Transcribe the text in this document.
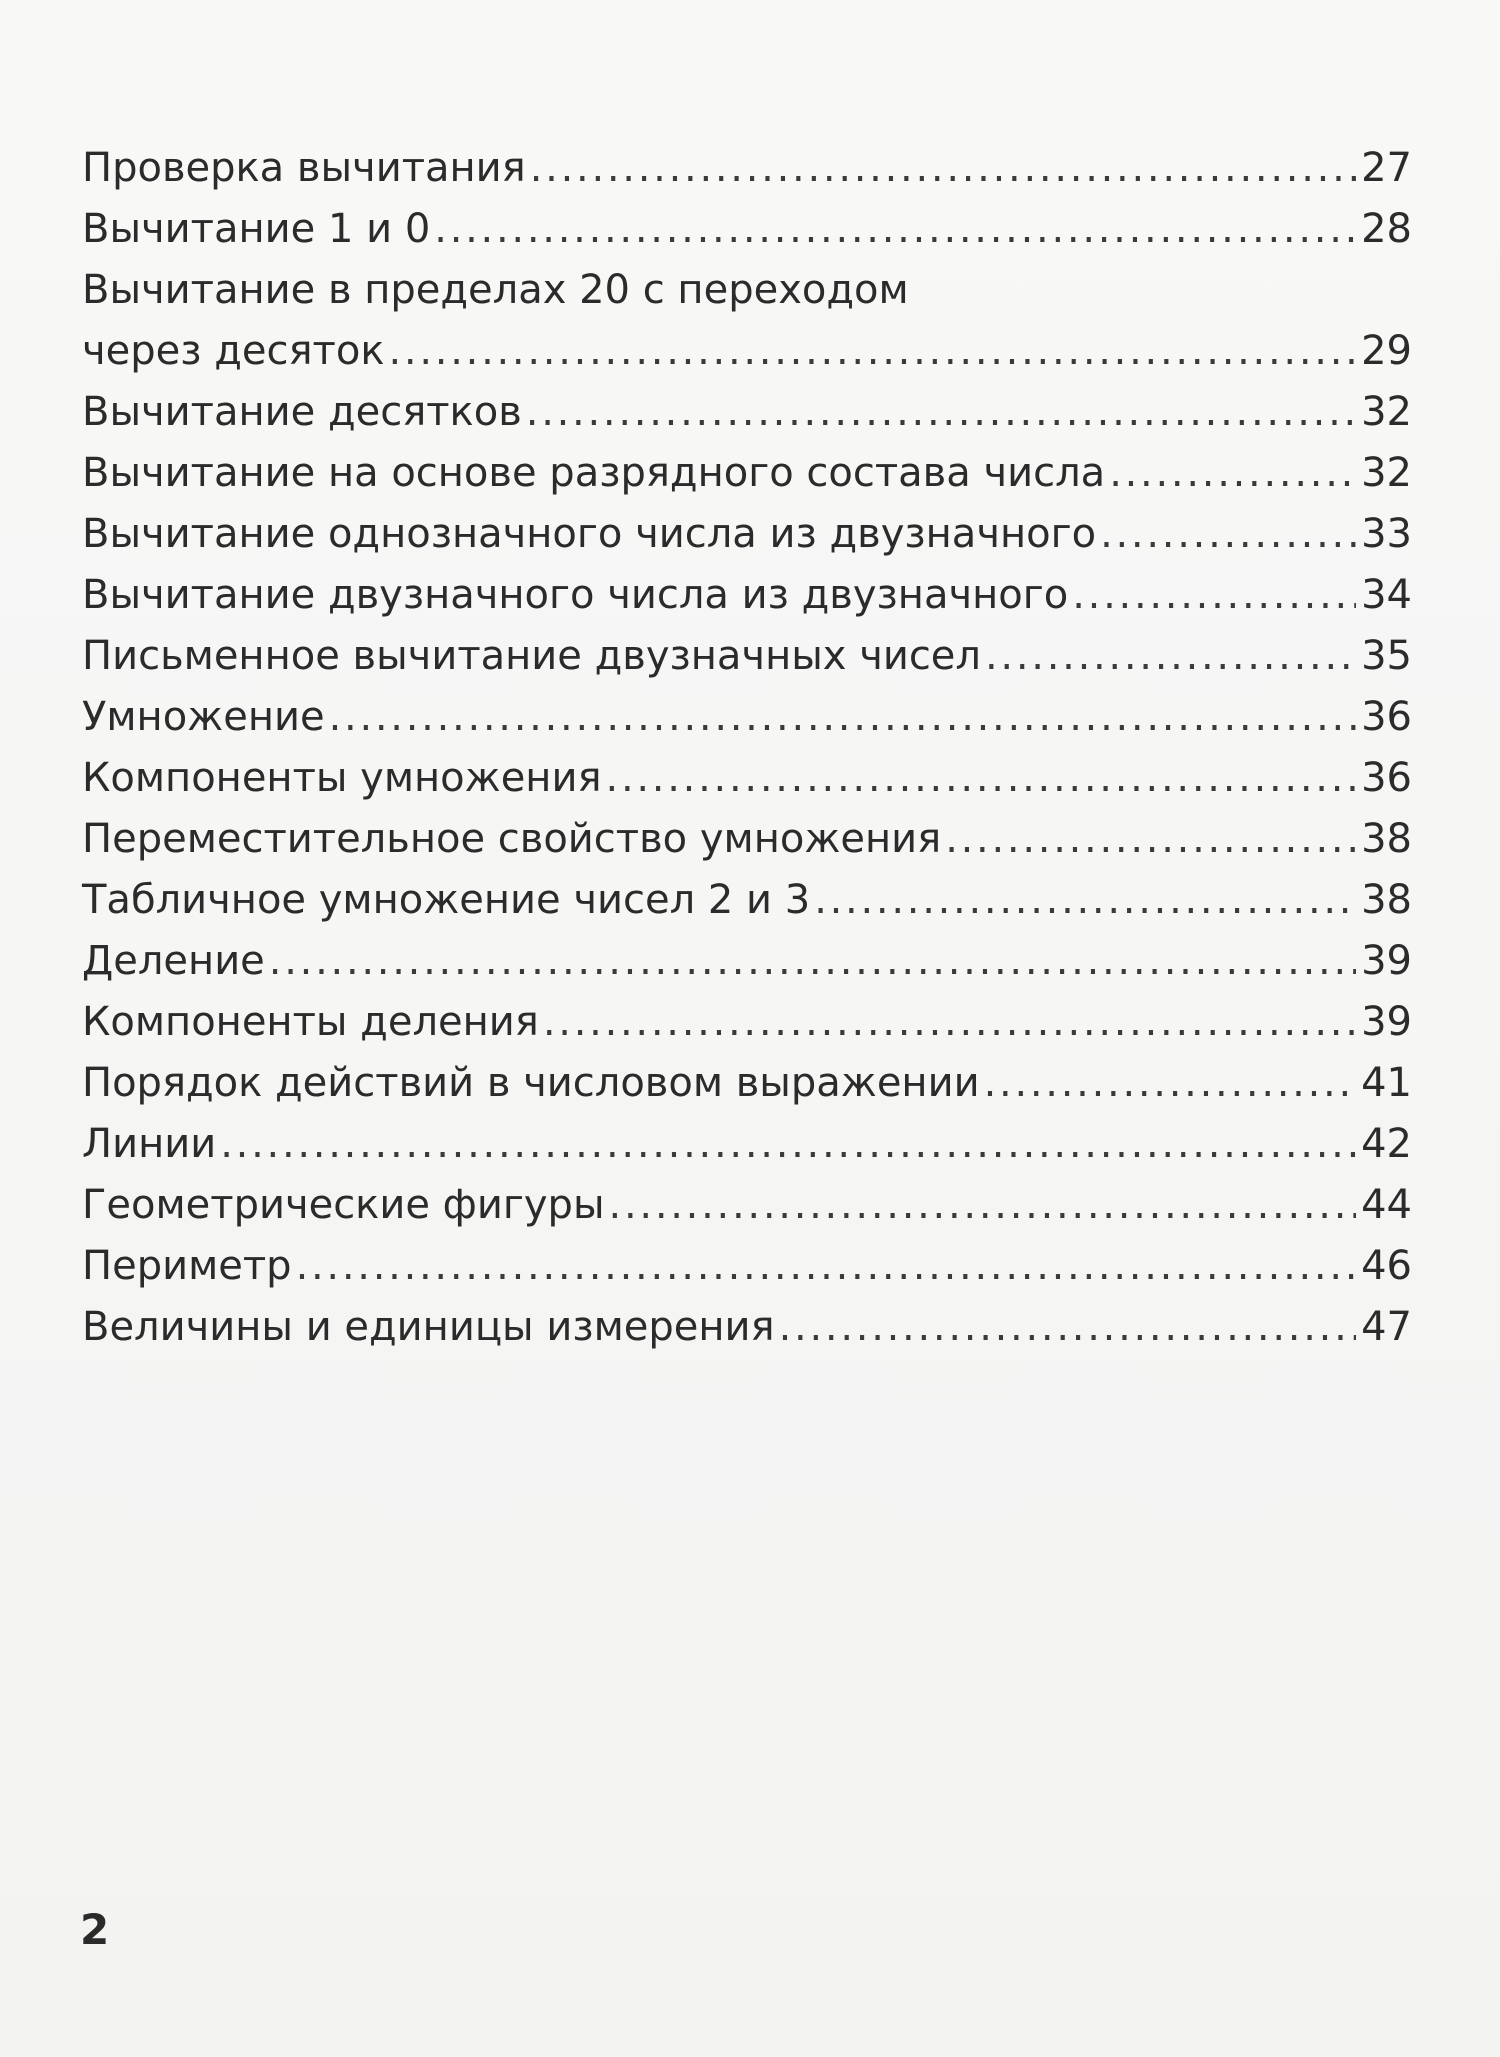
Проверка вычитания . . .	27
Вычитание 1 и 0 . . .	28
Вычитание в пределах 20 с переходом
через десяток . . .	29
Вычитание десятков . . .	32
Вычитание на основе разрядного состава числа . . .	32
Вычитание однозначного числа из двузначного . . .	33
Вычитание двузначного числа из двузначного . . .	34
Письменное вычитание двузначных чисел . . .	35
Умножение . . .	36
Компоненты умножения . . .	36
Переместительное свойство умножения . . .	38
Табличное умножение чисел 2 и 3 . . .	38
Деление . . .	39
Компоненты деления . . .	39
Порядок действий в числовом выражении . . .	41
Линии . . .	42
Геометрические фигуры . . .	44
Периметр . . .	46
Величины и единицы измерения . . .	47
2
